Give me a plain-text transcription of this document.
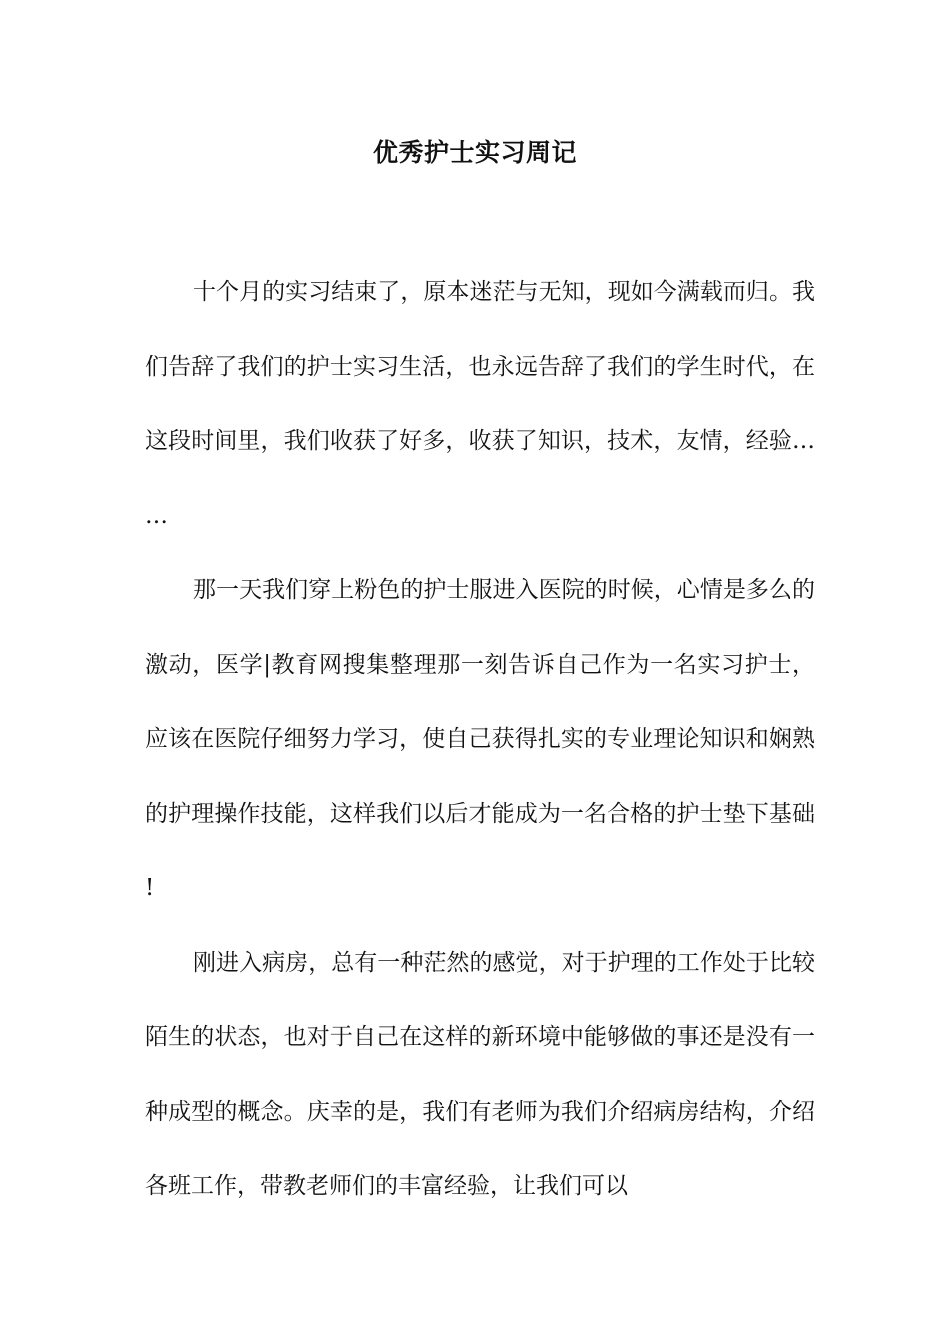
优秀护士实习周记

十个月的实习结束了，原本迷茫与无知，现如今满载而归。我们告辞了我们的护士实习生活，也永远告辞了我们的学生时代，在这段时间里，我们收获了好多，收获了知识，技术，友情，经验……

那一天我们穿上粉色的护士服进入医院的时候，心情是多么的激动，医学|教育网搜集整理那一刻告诉自己作为一名实习护士，应该在医院仔细努力学习，使自己获得扎实的专业理论知识和娴熟的护理操作技能，这样我们以后才能成为一名合格的护士垫下基础!

刚进入病房，总有一种茫然的感觉，对于护理的工作处于比较陌生的状态，也对于自己在这样的新环境中能够做的事还是没有一种成型的概念。庆幸的是，我们有老师为我们介绍病房结构，介绍各班工作，带教老师们的丰富经验，让我们可以
